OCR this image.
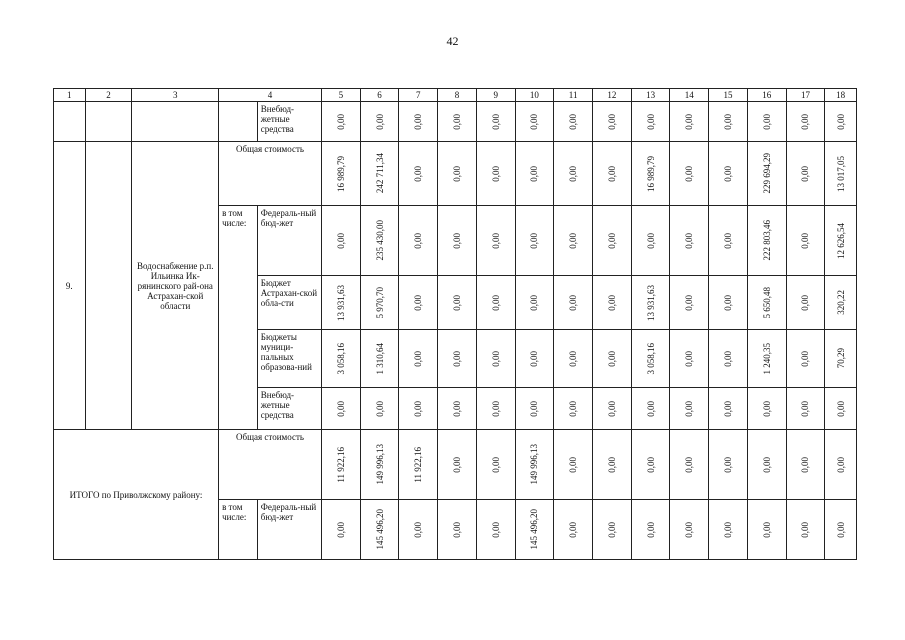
42
1	2	3	4		5	6	7	8	9	10	11	12	13	14	15	16	17	18
				Внебюд-
жетные
средства	0,00	0,00	0,00	0,00	0,00	0,00	0,00	0,00	0,00	0,00	0,00	0,00	0,00	0,00

9.		Водоснабжение р.п. Ильинка Ик-рянинского рай-она Астрахан-ской области	Общая стоимость		16 989,79	242 711,34	0,00	0,00	0,00	0,00	0,00	0,00	16 989,79	0,00	0,00	229 694,29	0,00	13 017,05

			в том числе:	Федераль-ный бюд-жет	0,00	235 430,00	0,00	0,00	0,00	0,00	0,00	0,00	0,00	0,00	0,00	222 803,46	0,00	12 626,54

				Бюджет Астрахан-ской обла-сти	13 931,63	5 970,70	0,00	0,00	0,00	0,00	0,00	0,00	13 931,63	0,00	0,00	5 650,48	0,00	320,22

				Бюджеты муници-пальных образова-ний	3 058,16	1 310,64	0,00	0,00	0,00	0,00	0,00	0,00	3 058,16	0,00	0,00	1 240,35	0,00	70,29

				Внебюд-жетные средства	0,00	0,00	0,00	0,00	0,00	0,00	0,00	0,00	0,00	0,00	0,00	0,00	0,00	0,00

ИТОГО по Приволжскому району:			Общая стоимость		11 922,16	149 996,13	11 922,16	0,00	0,00	149 996,13	0,00	0,00	0,00	0,00	0,00	0,00	0,00	0,00

			в том числе:	Федераль-ный бюд-жет	0,00	145 496,20	0,00	0,00	0,00	145 496,20	0,00	0,00	0,00	0,00	0,00	0,00	0,00	0,00
